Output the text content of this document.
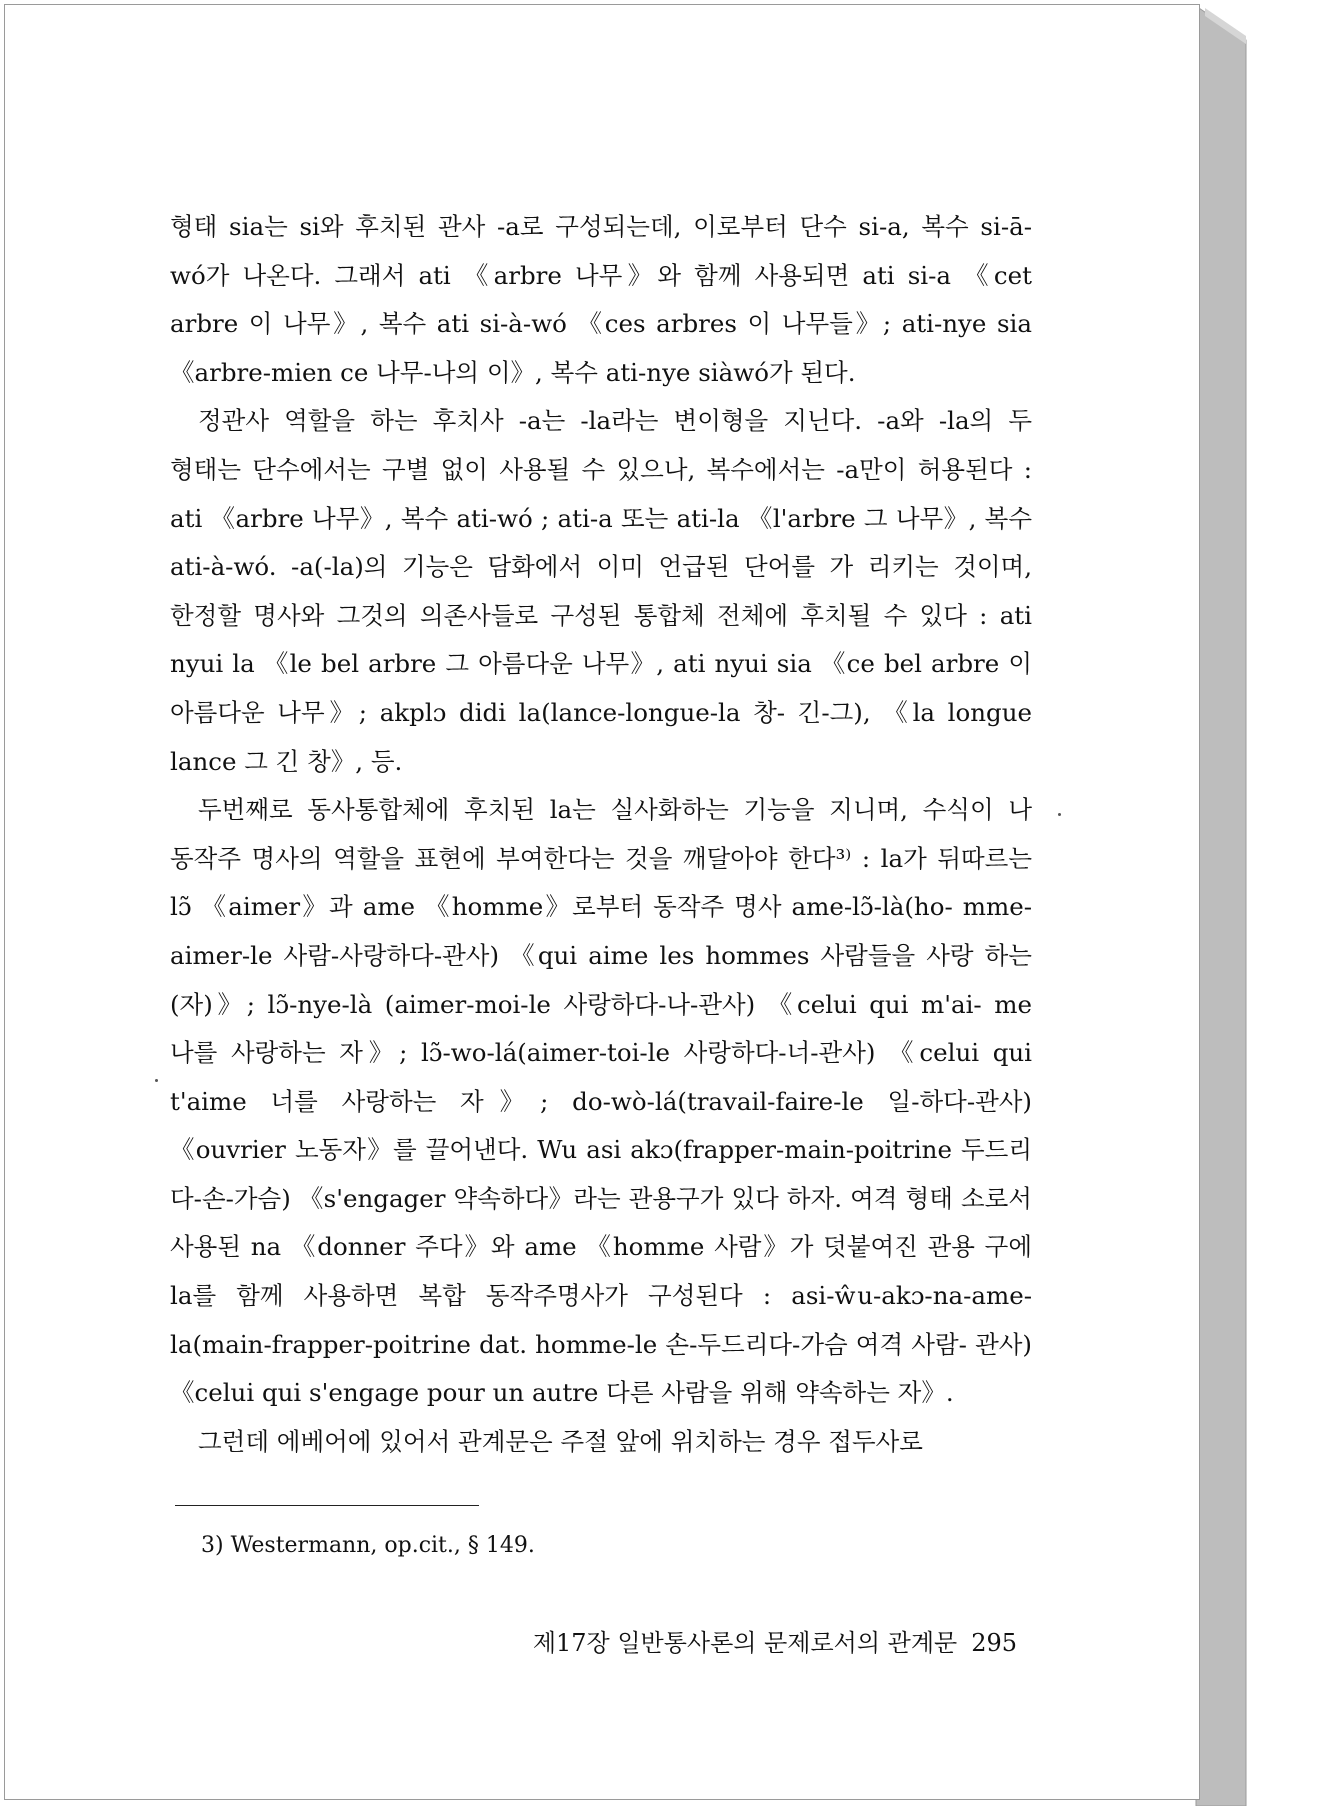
형태 sia는 si와 후치된 관사 -a로 구성되는데, 이로부터 단수 si-a, 복수 si-ā-wó가 나온다. 그래서 ati 《arbre 나무》와 함께 사용되면 ati si-a 《cet arbre 이 나무》, 복수 ati si-à-wó 《ces arbres 이 나무들》; ati-nye sia 《arbre-mien ce 나무-나의 이》, 복수 ati-nye siàwó가 된다.

정관사 역할을 하는 후치사 -a는 -la라는 변이형을 지닌다. -a와 -la의 두 형태는 단수에서는 구별 없이 사용될 수 있으나, 복수에서는 -a만이 허용된다 : ati 《arbre 나무》, 복수 ati-wó ; ati-a 또는 ati-la 《l'arbre 그 나무》, 복수 ati-à-wó. -a(-la)의 기능은 담화에서 이미 언급된 단어를 가 리키는 것이며, 한정할 명사와 그것의 의존사들로 구성된 통합체 전체에 후치될 수 있다 : ati nyui la 《le bel arbre 그 아름다운 나무》, ati nyui sia 《ce bel arbre 이 아름다운 나무》; akplɔ didi la(lance-longue-la 창- 긴-그), 《la longue lance 그 긴 창》, 등.

두번째로 동사통합체에 후치된 la는 실사화하는 기능을 지니며, 수식이 나 동작주 명사의 역할을 표현에 부여한다는 것을 깨달아야 한다³⁾ : la가 뒤따르는 lɔ̃ 《aimer》과 ame 《homme》로부터 동작주 명사 ame-lɔ̃-là(ho- mme-aimer-le 사람-사랑하다-관사) 《qui aime les hommes 사람들을 사랑 하는 (자)》; lɔ̃-nye-là (aimer-moi-le 사랑하다-나-관사) 《celui qui m'ai- me 나를 사랑하는 자》; lɔ̃-wo-lá(aimer-toi-le 사랑하다-너-관사) 《celui qui t'aime 너를 사랑하는 자》; do-wò-lá(travail-faire-le 일-하다-관사) 《ouvrier 노동자》를 끌어낸다. Wu asi akɔ(frapper-main-poitrine 두드리 다-손-가슴) 《s'engager 약속하다》라는 관용구가 있다 하자. 여격 형태 소로서 사용된 na 《donner 주다》와 ame 《homme 사람》가 덧붙여진 관용 구에 la를 함께 사용하면 복합 동작주명사가 구성된다 : asi-ŵu-akɔ-na-ame- la(main-frapper-poitrine dat. homme-le 손-두드리다-가슴 여격 사람- 관사) 《celui qui s'engage pour un autre 다른 사람을 위해 약속하는 자》.

그런데 에베어에 있어서 관계문은 주절 앞에 위치하는 경우 접두사로

3) Westermann, op.cit., § 149.
제17장 일반통사론의 문제로서의 관계문 295
